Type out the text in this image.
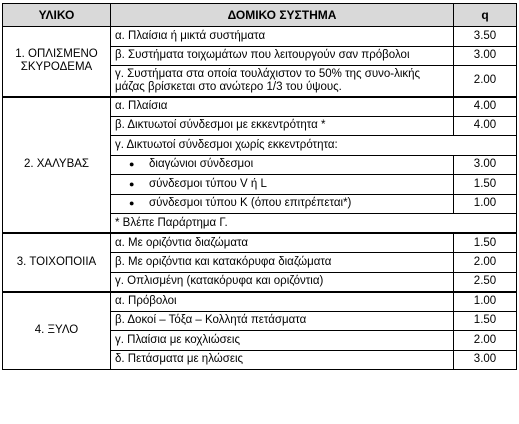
ΥΛΙΚΟ	ΔΟΜΙΚΟ ΣΥΣΤΗΜΑ	q
1. ΟΠΛΙΣΜΕΝΟ ΣΚΥΡΟΔΕΜΑ	α. Πλαίσια ή μικτά συστήματα	3.50
	β. Συστήματα τοιχωμάτων που λειτουργούν σαν πρόβολοι	3.00
	γ. Συστήματα στα οποία τουλάχιστον το 50% της συνο-λικής μάζας βρίσκεται στο ανώτερο 1/3 του ύψους.	2.00
2. ΧΑΛΥΒΑΣ	α. Πλαίσια	4.00
	β. Δικτυωτοί σύνδεσμοι με εκκεντρότητα *	4.00
	γ. Δικτυωτοί σύνδεσμοι χωρίς εκκεντρότητα:	
	● διαγώνιοι σύνδεσμοι	3.00
	● σύνδεσμοι τύπου V ή L	1.50
	● σύνδεσμοι τύπου K (όπου επιτρέπεται*)	1.00
	* Βλέπε Παράρτημα Γ.	
3. ΤΟΙΧΟΠΟΙΙΑ	α. Με οριζόντια διαζώματα	1.50
	β. Με οριζόντια και κατακόρυφα διαζώματα	2.00
	γ. Οπλισμένη (κατακόρυφα και οριζόντια)	2.50
4. ΞΥΛΟ	α. Πρόβολοι	1.00
	β. Δοκοί – Τόξα – Κολλητά πετάσματα	1.50
	γ. Πλαίσια με κοχλιώσεις	2.00
	δ. Πετάσματα με ηλώσεις	3.00
